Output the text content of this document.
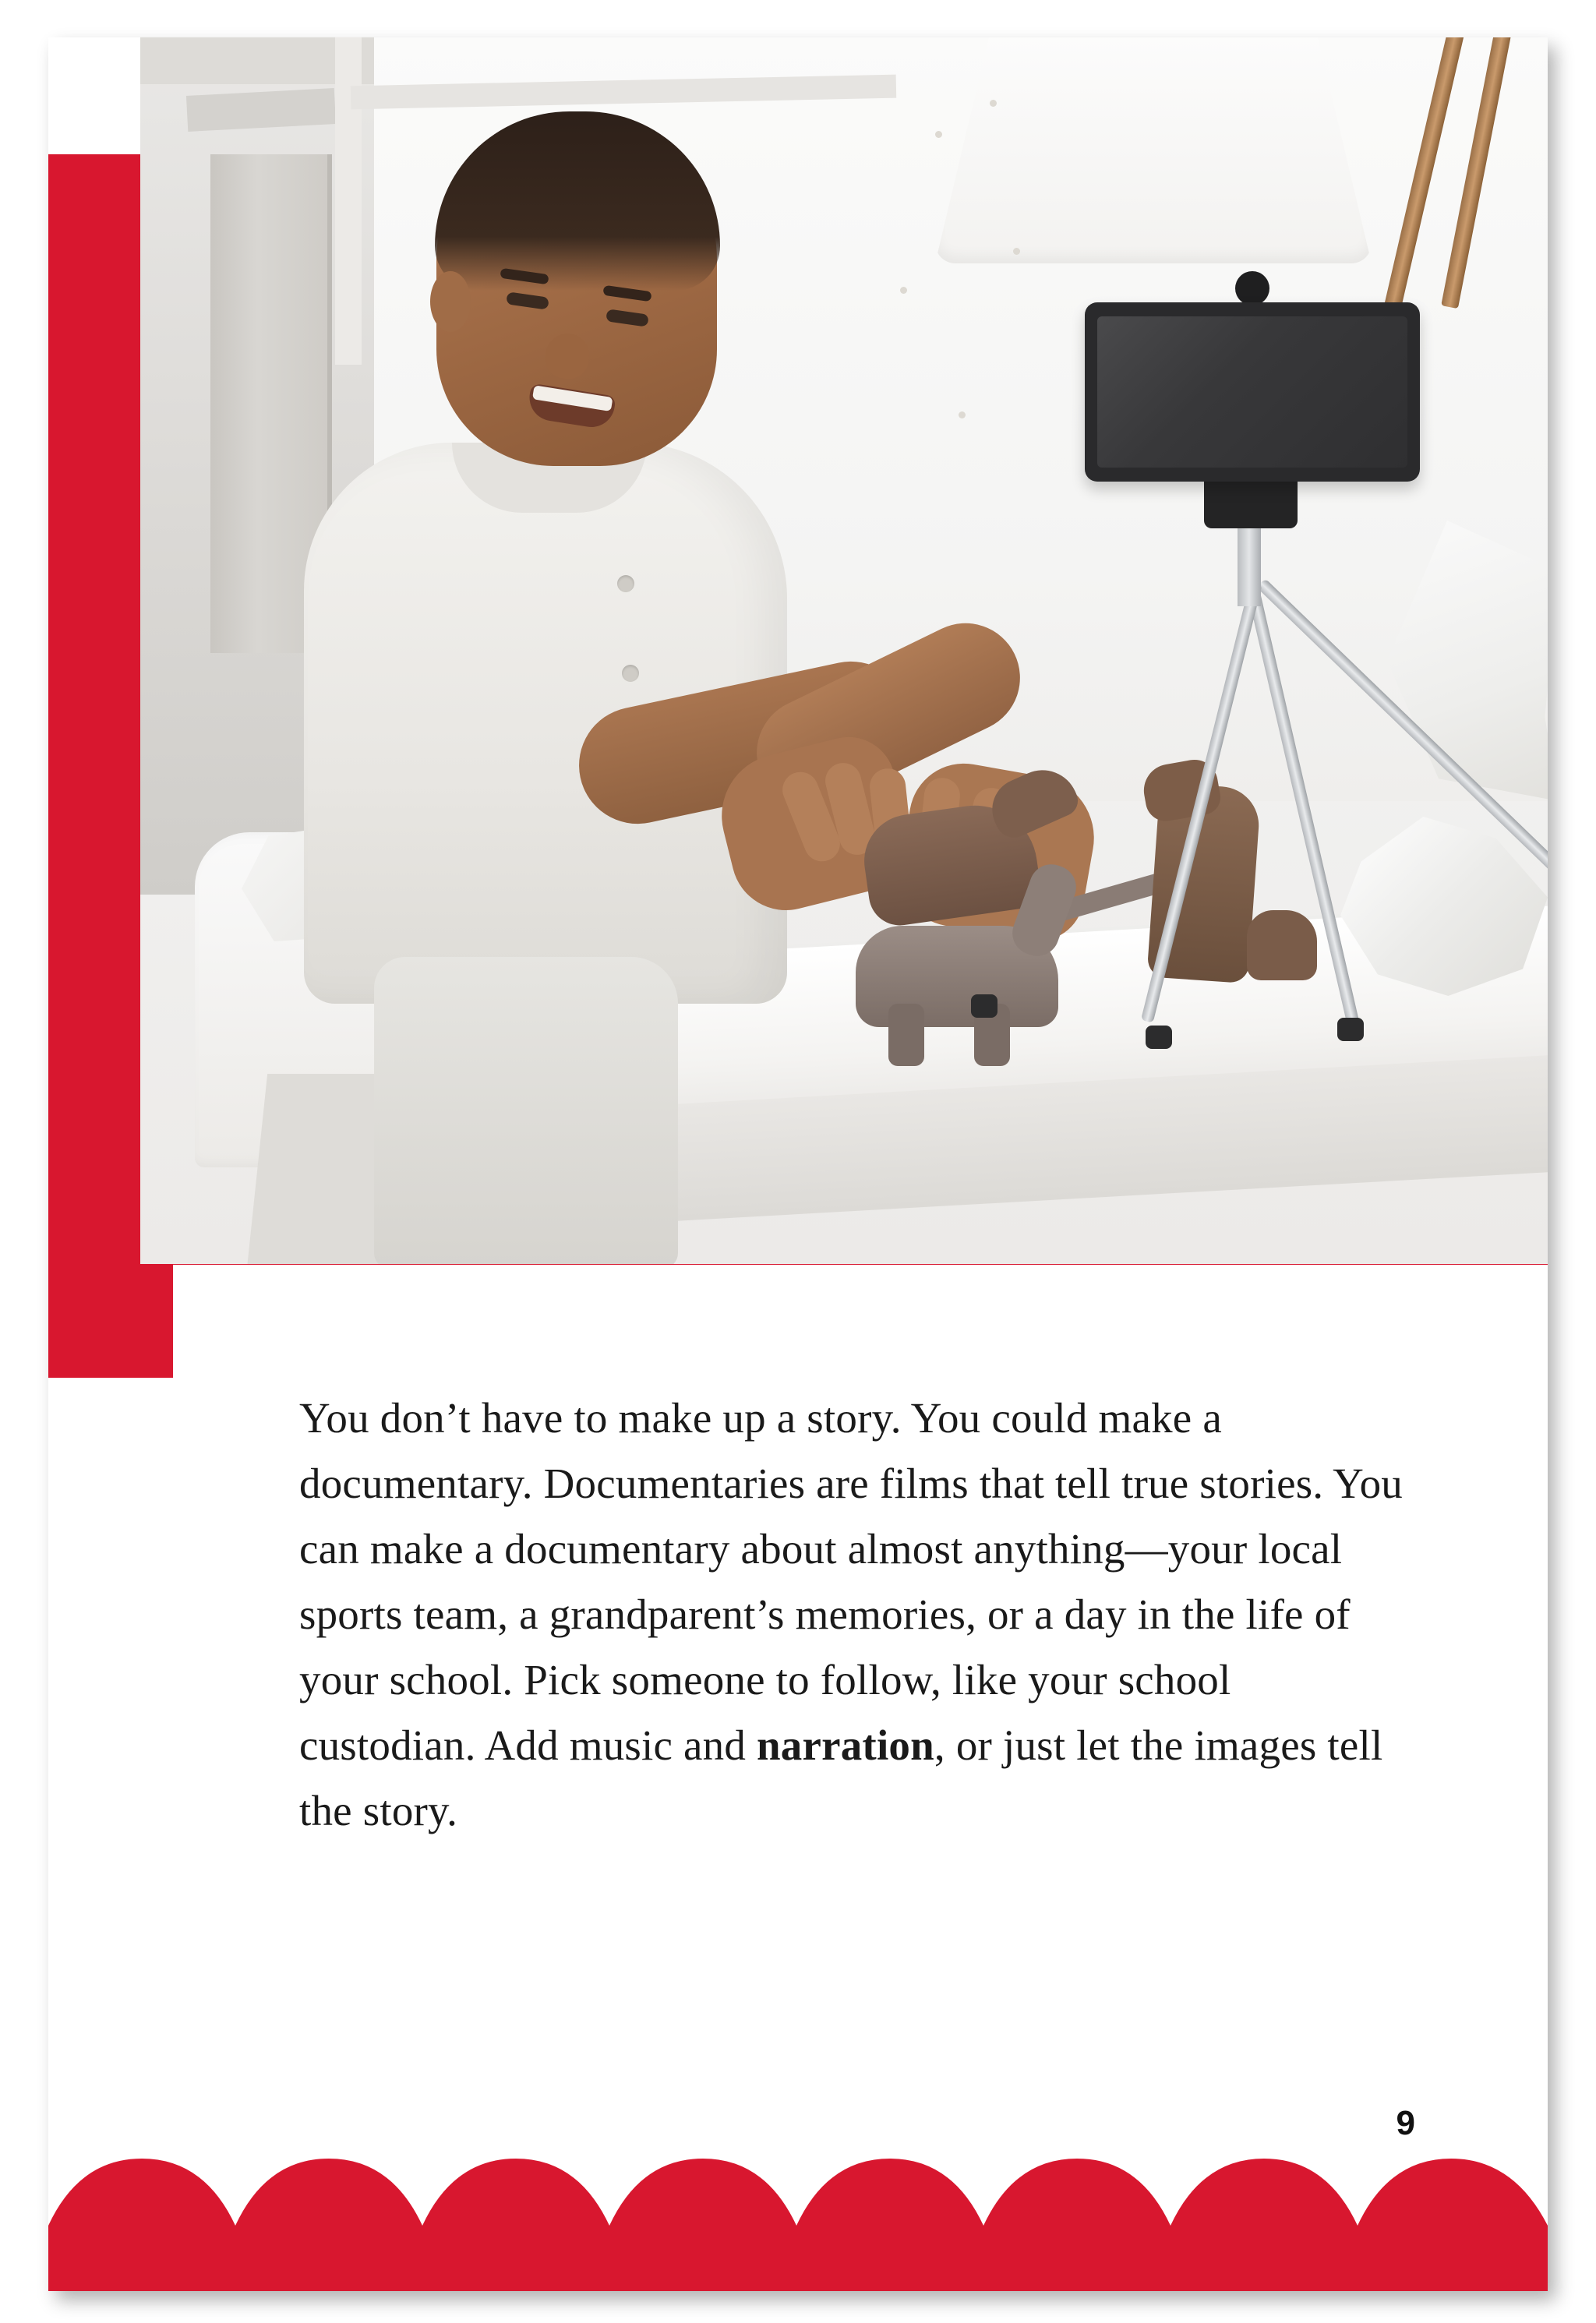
You don’t have to make up a story. You could make a documentary. Documentaries are films that tell true stories. You can make a documentary about almost anything—your local sports team, a grandparent’s memories, or a day in the life of your school. Pick someone to follow, like your school custodian. Add music and narration, or just let the images tell the story.
9
